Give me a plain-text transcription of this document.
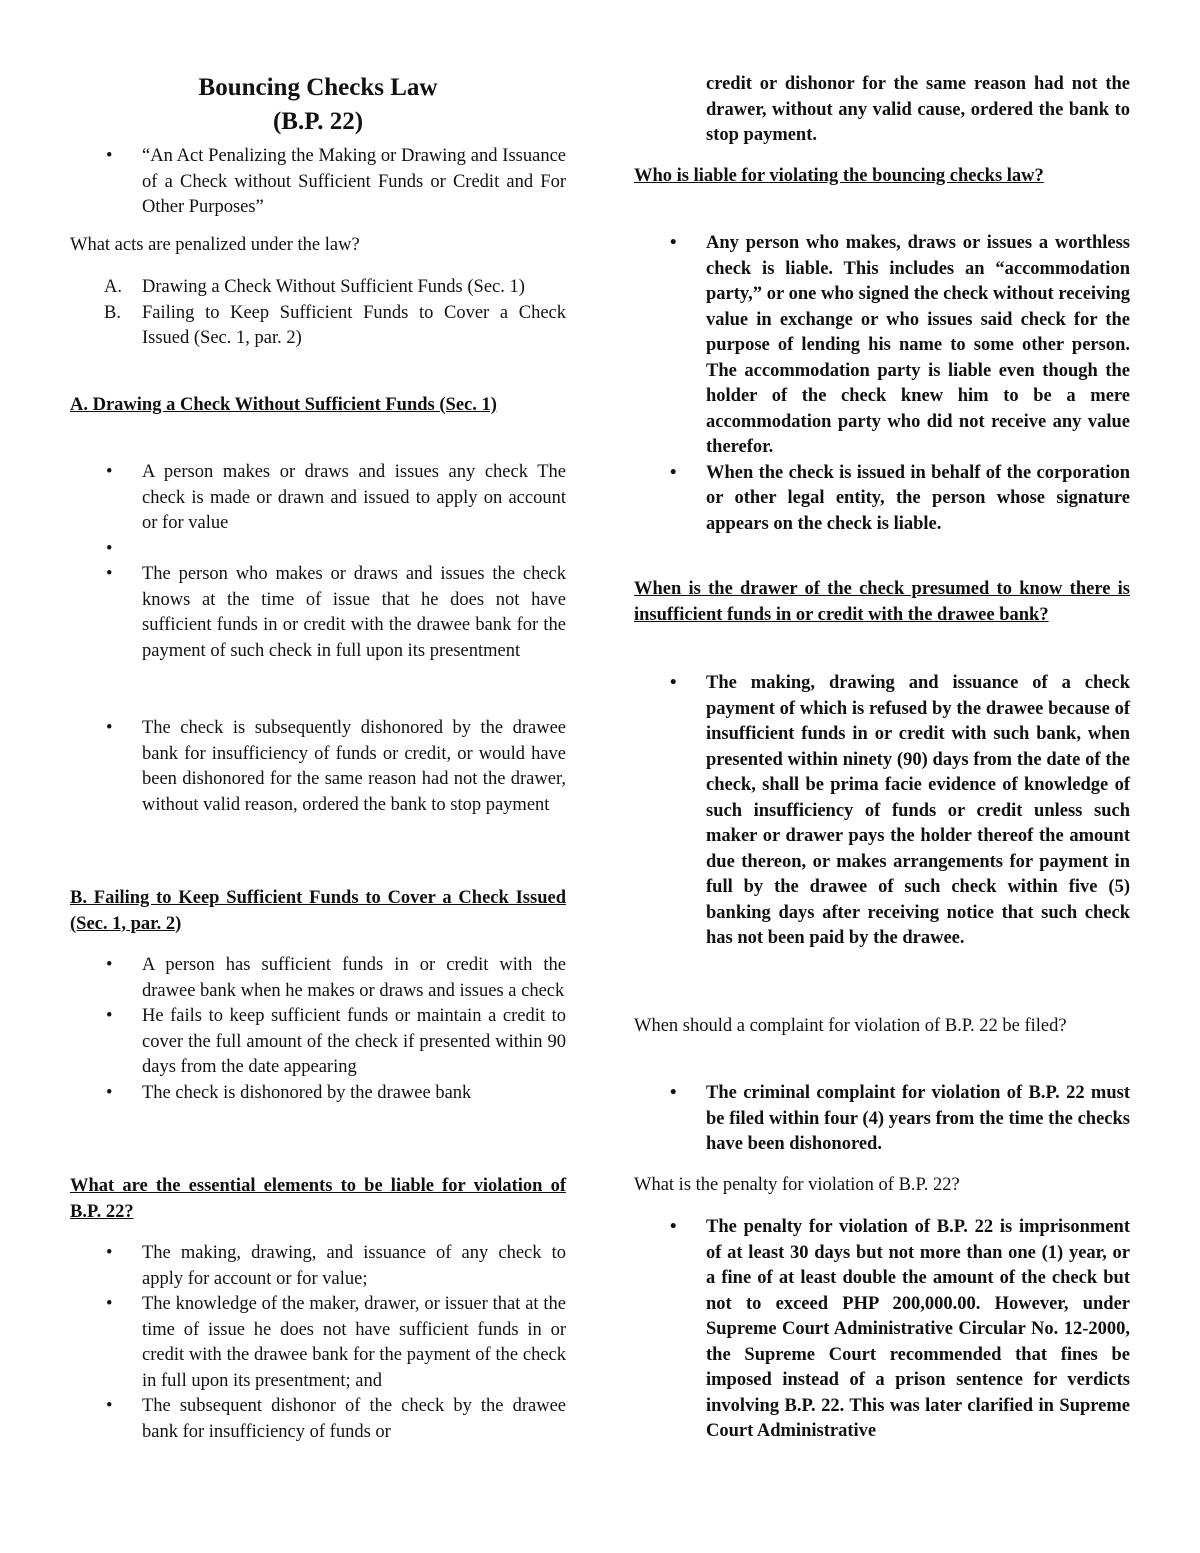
Bouncing Checks Law
(B.P. 22)
• “An Act Penalizing the Making or Drawing and Issuance of a Check without Sufficient Funds or Credit and For Other Purposes”

What acts are penalized under the law?

A. Drawing a Check Without Sufficient Funds (Sec. 1)
B. Failing to Keep Sufficient Funds to Cover a Check Issued (Sec. 1, par. 2)

A. Drawing a Check Without Sufficient Funds (Sec. 1)

• A person makes or draws and issues any check The check is made or drawn and issued to apply on account or for value
•
• The person who makes or draws and issues the check knows at the time of issue that he does not have sufficient funds in or credit with the drawee bank for the payment of such check in full upon its presentment
• The check is subsequently dishonored by the drawee bank for insufficiency of funds or credit, or would have been dishonored for the same reason had not the drawer, without valid reason, ordered the bank to stop payment

B. Failing to Keep Sufficient Funds to Cover a Check Issued (Sec. 1, par. 2)

• A person has sufficient funds in or credit with the drawee bank when he makes or draws and issues a check
• He fails to keep sufficient funds or maintain a credit to cover the full amount of the check if presented within 90 days from the date appearing
• The check is dishonored by the drawee bank

What are the essential elements to be liable for violation of B.P. 22?

• The making, drawing, and issuance of any check to apply for account or for value;
• The knowledge of the maker, drawer, or issuer that at the time of issue he does not have sufficient funds in or credit with the drawee bank for the payment of the check in full upon its presentment; and
• The subsequent dishonor of the check by the drawee bank for insufficiency of funds or

credit or dishonor for the same reason had not the drawer, without any valid cause, ordered the bank to stop payment.

Who is liable for violating the bouncing checks law?

• Any person who makes, draws or issues a worthless check is liable. This includes an “accommodation party,” or one who signed the check without receiving value in exchange or who issues said check for the purpose of lending his name to some other person. The accommodation party is liable even though the holder of the check knew him to be a mere accommodation party who did not receive any value therefor.
• When the check is issued in behalf of the corporation or other legal entity, the person whose signature appears on the check is liable.

When is the drawer of the check presumed to know there is insufficient funds in or credit with the drawee bank?

• The making, drawing and issuance of a check payment of which is refused by the drawee because of insufficient funds in or credit with such bank, when presented within ninety (90) days from the date of the check, shall be prima facie evidence of knowledge of such insufficiency of funds or credit unless such maker or drawer pays the holder thereof the amount due thereon, or makes arrangements for payment in full by the drawee of such check within five (5) banking days after receiving notice that such check has not been paid by the drawee.

When should a complaint for violation of B.P. 22 be filed?

• The criminal complaint for violation of B.P. 22 must be filed within four (4) years from the time the checks have been dishonored.

What is the penalty for violation of B.P. 22?

• The penalty for violation of B.P. 22 is imprisonment of at least 30 days but not more than one (1) year, or a fine of at least double the amount of the check but not to exceed PHP 200,000.00. However, under Supreme Court Administrative Circular No. 12-2000, the Supreme Court recommended that fines be imposed instead of a prison sentence for verdicts involving B.P. 22. This was later clarified in Supreme Court Administrative
